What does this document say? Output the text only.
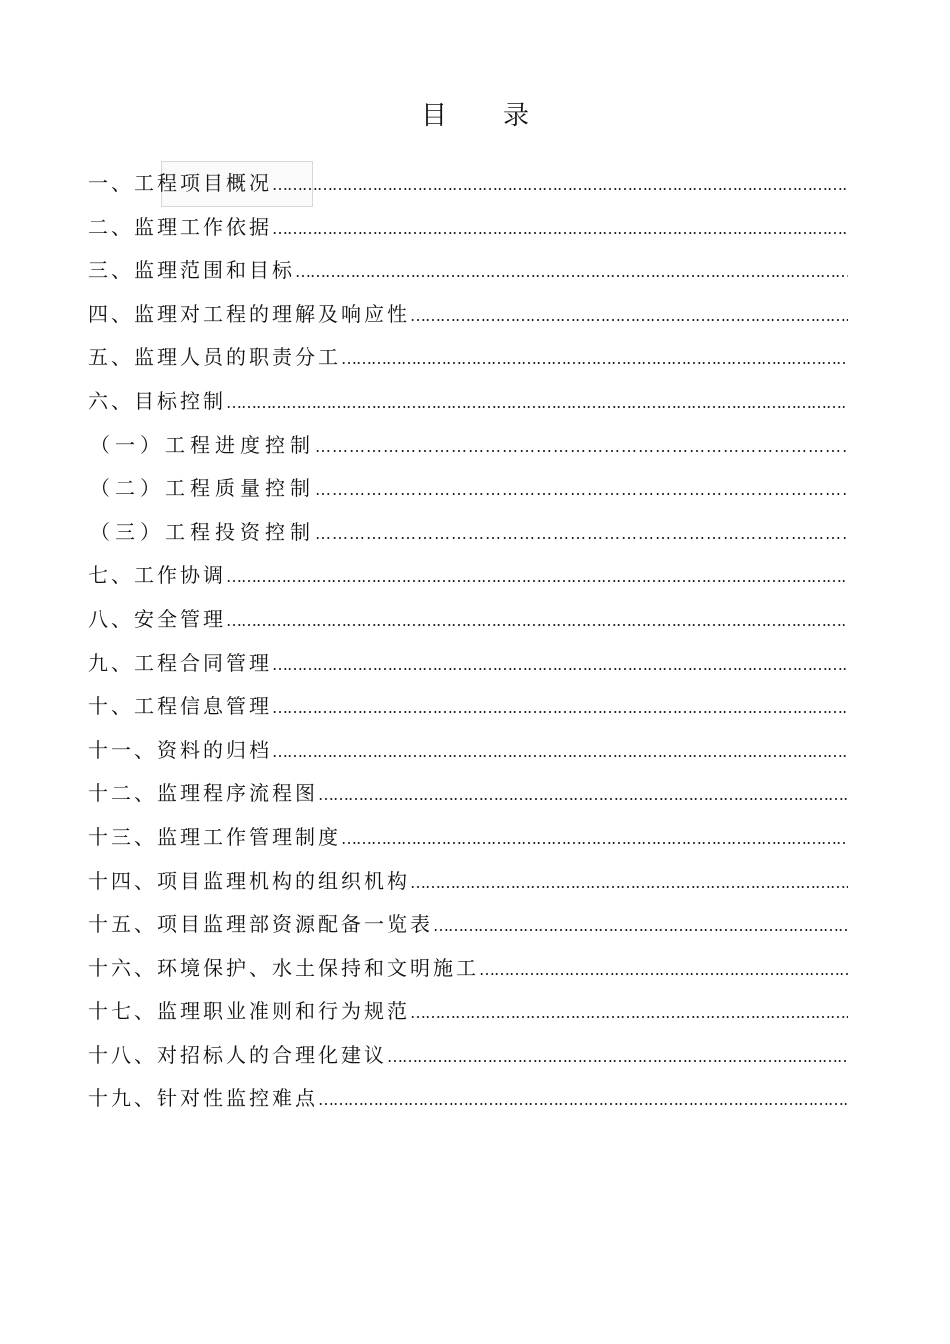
目 录
一、工程项目概况
……………………………………………………………………………………………………………………………………………………………………………………
二、监理工作依据
……………………………………………………………………………………………………………………………………………………………………………………
三、监理范围和目标
……………………………………………………………………………………………………………………………………………………………………………………
四、监理对工程的理解及响应性
……………………………………………………………………………………………………………………………………………………………………………………
五、监理人员的职责分工
……………………………………………………………………………………………………………………………………………………………………………………
六、目标控制
……………………………………………………………………………………………………………………………………………………………………………………
（一）工程进度控制
……………………………………………………………………………………………………………………………………………………………………………………
（二）工程质量控制
……………………………………………………………………………………………………………………………………………………………………………………
（三）工程投资控制
……………………………………………………………………………………………………………………………………………………………………………………
七、工作协调
……………………………………………………………………………………………………………………………………………………………………………………
八、安全管理
……………………………………………………………………………………………………………………………………………………………………………………
九、工程合同管理
……………………………………………………………………………………………………………………………………………………………………………………
十、工程信息管理
……………………………………………………………………………………………………………………………………………………………………………………
十一、资料的归档
……………………………………………………………………………………………………………………………………………………………………………………
十二、监理程序流程图
……………………………………………………………………………………………………………………………………………………………………………………
十三、监理工作管理制度
……………………………………………………………………………………………………………………………………………………………………………………
十四、项目监理机构的组织机构
……………………………………………………………………………………………………………………………………………………………………………………
十五、项目监理部资源配备一览表
……………………………………………………………………………………………………………………………………………………………………………………
十六、环境保护、水土保持和文明施工
……………………………………………………………………………………………………………………………………………………………………………………
十七、监理职业准则和行为规范
……………………………………………………………………………………………………………………………………………………………………………………
十八、对招标人的合理化建议
……………………………………………………………………………………………………………………………………………………………………………………
十九、针对性监控难点
……………………………………………………………………………………………………………………………………………………………………………………
